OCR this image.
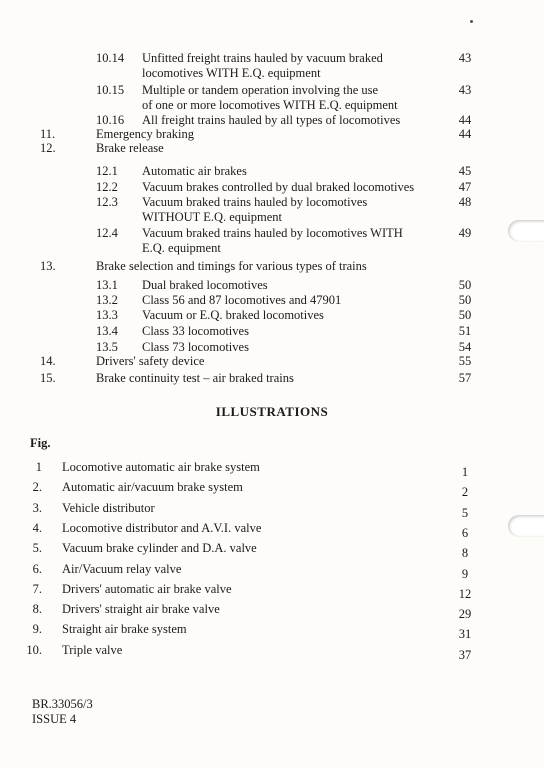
10.14 Unfitted freight trains hauled by vacuum braked	43
locomotives WITH E.Q. equipment
10.15 Multiple or tandem operation involving the use	43
of one or more locomotives WITH E.Q. equipment
10.16 All freight trains hauled by all types of locomotives	44
11.	Emergency braking	44
12.	Brake release
12.1 Automatic air brakes	45
12.2 Vacuum brakes controlled by dual braked locomotives	47
12.3 Vacuum braked trains hauled by locomotives	48
WITHOUT E.Q. equipment
12.4 Vacuum braked trains hauled by locomotives WITH	49
E.Q. equipment
13.	Brake selection and timings for various types of trains
13.1 Dual braked locomotives	50
13.2 Class 56 and 87 locomotives and 47901	50
13.3 Vacuum or E.Q. braked locomotives	50
13.4 Class 33 locomotives	51
13.5 Class 73 locomotives	54
14.	Drivers' safety device	55
15.	Brake continuity test – air braked trains	57
ILLUSTRATIONS
Fig.
1 Locomotive automatic air brake system	1
2. Automatic air/vacuum brake system	2
3. Vehicle distributor	5
4. Locomotive distributor and A.V.I. valve	6
5. Vacuum brake cylinder and D.A. valve	8
6. Air/Vacuum relay valve	9
7. Drivers' automatic air brake valve	12
8. Drivers' straight air brake valve	29
9. Straight air brake system	31
10. Triple valve	37
BR.33056/3
ISSUE 4
